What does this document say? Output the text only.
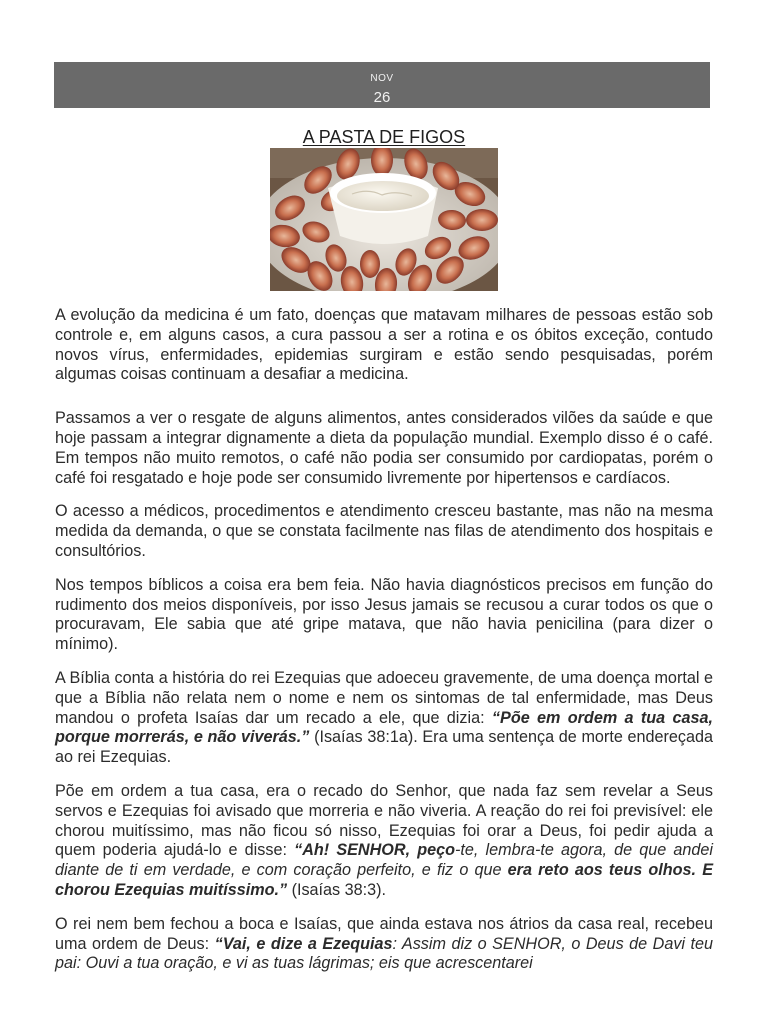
NOV
26
A PASTA DE FIGOS

A evolução da medicina é um fato, doenças que matavam milhares de pessoas estão sob controle e, em alguns casos, a cura passou a ser a rotina e os óbitos exceção, contudo novos vírus, enfermidades, epidemias surgiram e estão sendo pesquisadas, porém algumas coisas continuam a desafiar a medicina.

Passamos a ver o resgate de alguns alimentos, antes considerados vilões da saúde e que hoje passam a integrar dignamente a dieta da população mundial. Exemplo disso é o café. Em tempos não muito remotos, o café não podia ser consumido por cardiopatas, porém o café foi resgatado e hoje pode ser consumido livremente por hipertensos e cardíacos.

O acesso a médicos, procedimentos e atendimento cresceu bastante, mas não na mesma medida da demanda, o que se constata facilmente nas filas de atendimento dos hospitais e consultórios.

Nos tempos bíblicos a coisa era bem feia. Não havia diagnósticos precisos em função do rudimento dos meios disponíveis, por isso Jesus jamais se recusou a curar todos os que o procuravam, Ele sabia que até gripe matava, que não havia penicilina (para dizer o mínimo).

A Bíblia conta a história do rei Ezequias que adoeceu gravemente, de uma doença mortal e que a Bíblia não relata nem o nome e nem os sintomas de tal enfermidade, mas Deus mandou o profeta Isaías dar um recado a ele, que dizia: “Põe em ordem a tua casa, porque morrerás, e não viverás.” (Isaías 38:1a). Era uma sentença de morte endereçada ao rei Ezequias.

Põe em ordem a tua casa, era o recado do Senhor, que nada faz sem revelar a Seus servos e Ezequias foi avisado que morreria e não viveria. A reação do rei foi previsível: ele chorou muitíssimo, mas não ficou só nisso, Ezequias foi orar a Deus, foi pedir ajuda a quem poderia ajudá-lo e disse: “Ah! SENHOR, peço-te, lembra-te agora, de que andei diante de ti em verdade, e com coração perfeito, e fiz o que era reto aos teus olhos. E chorou Ezequias muitíssimo.” (Isaías 38:3).

O rei nem bem fechou a boca e Isaías, que ainda estava nos átrios da casa real, recebeu uma ordem de Deus: “Vai, e dize a Ezequias: Assim diz o SENHOR, o Deus de Davi teu pai: Ouvi a tua oração, e vi as tuas lágrimas; eis que acrescentarei
